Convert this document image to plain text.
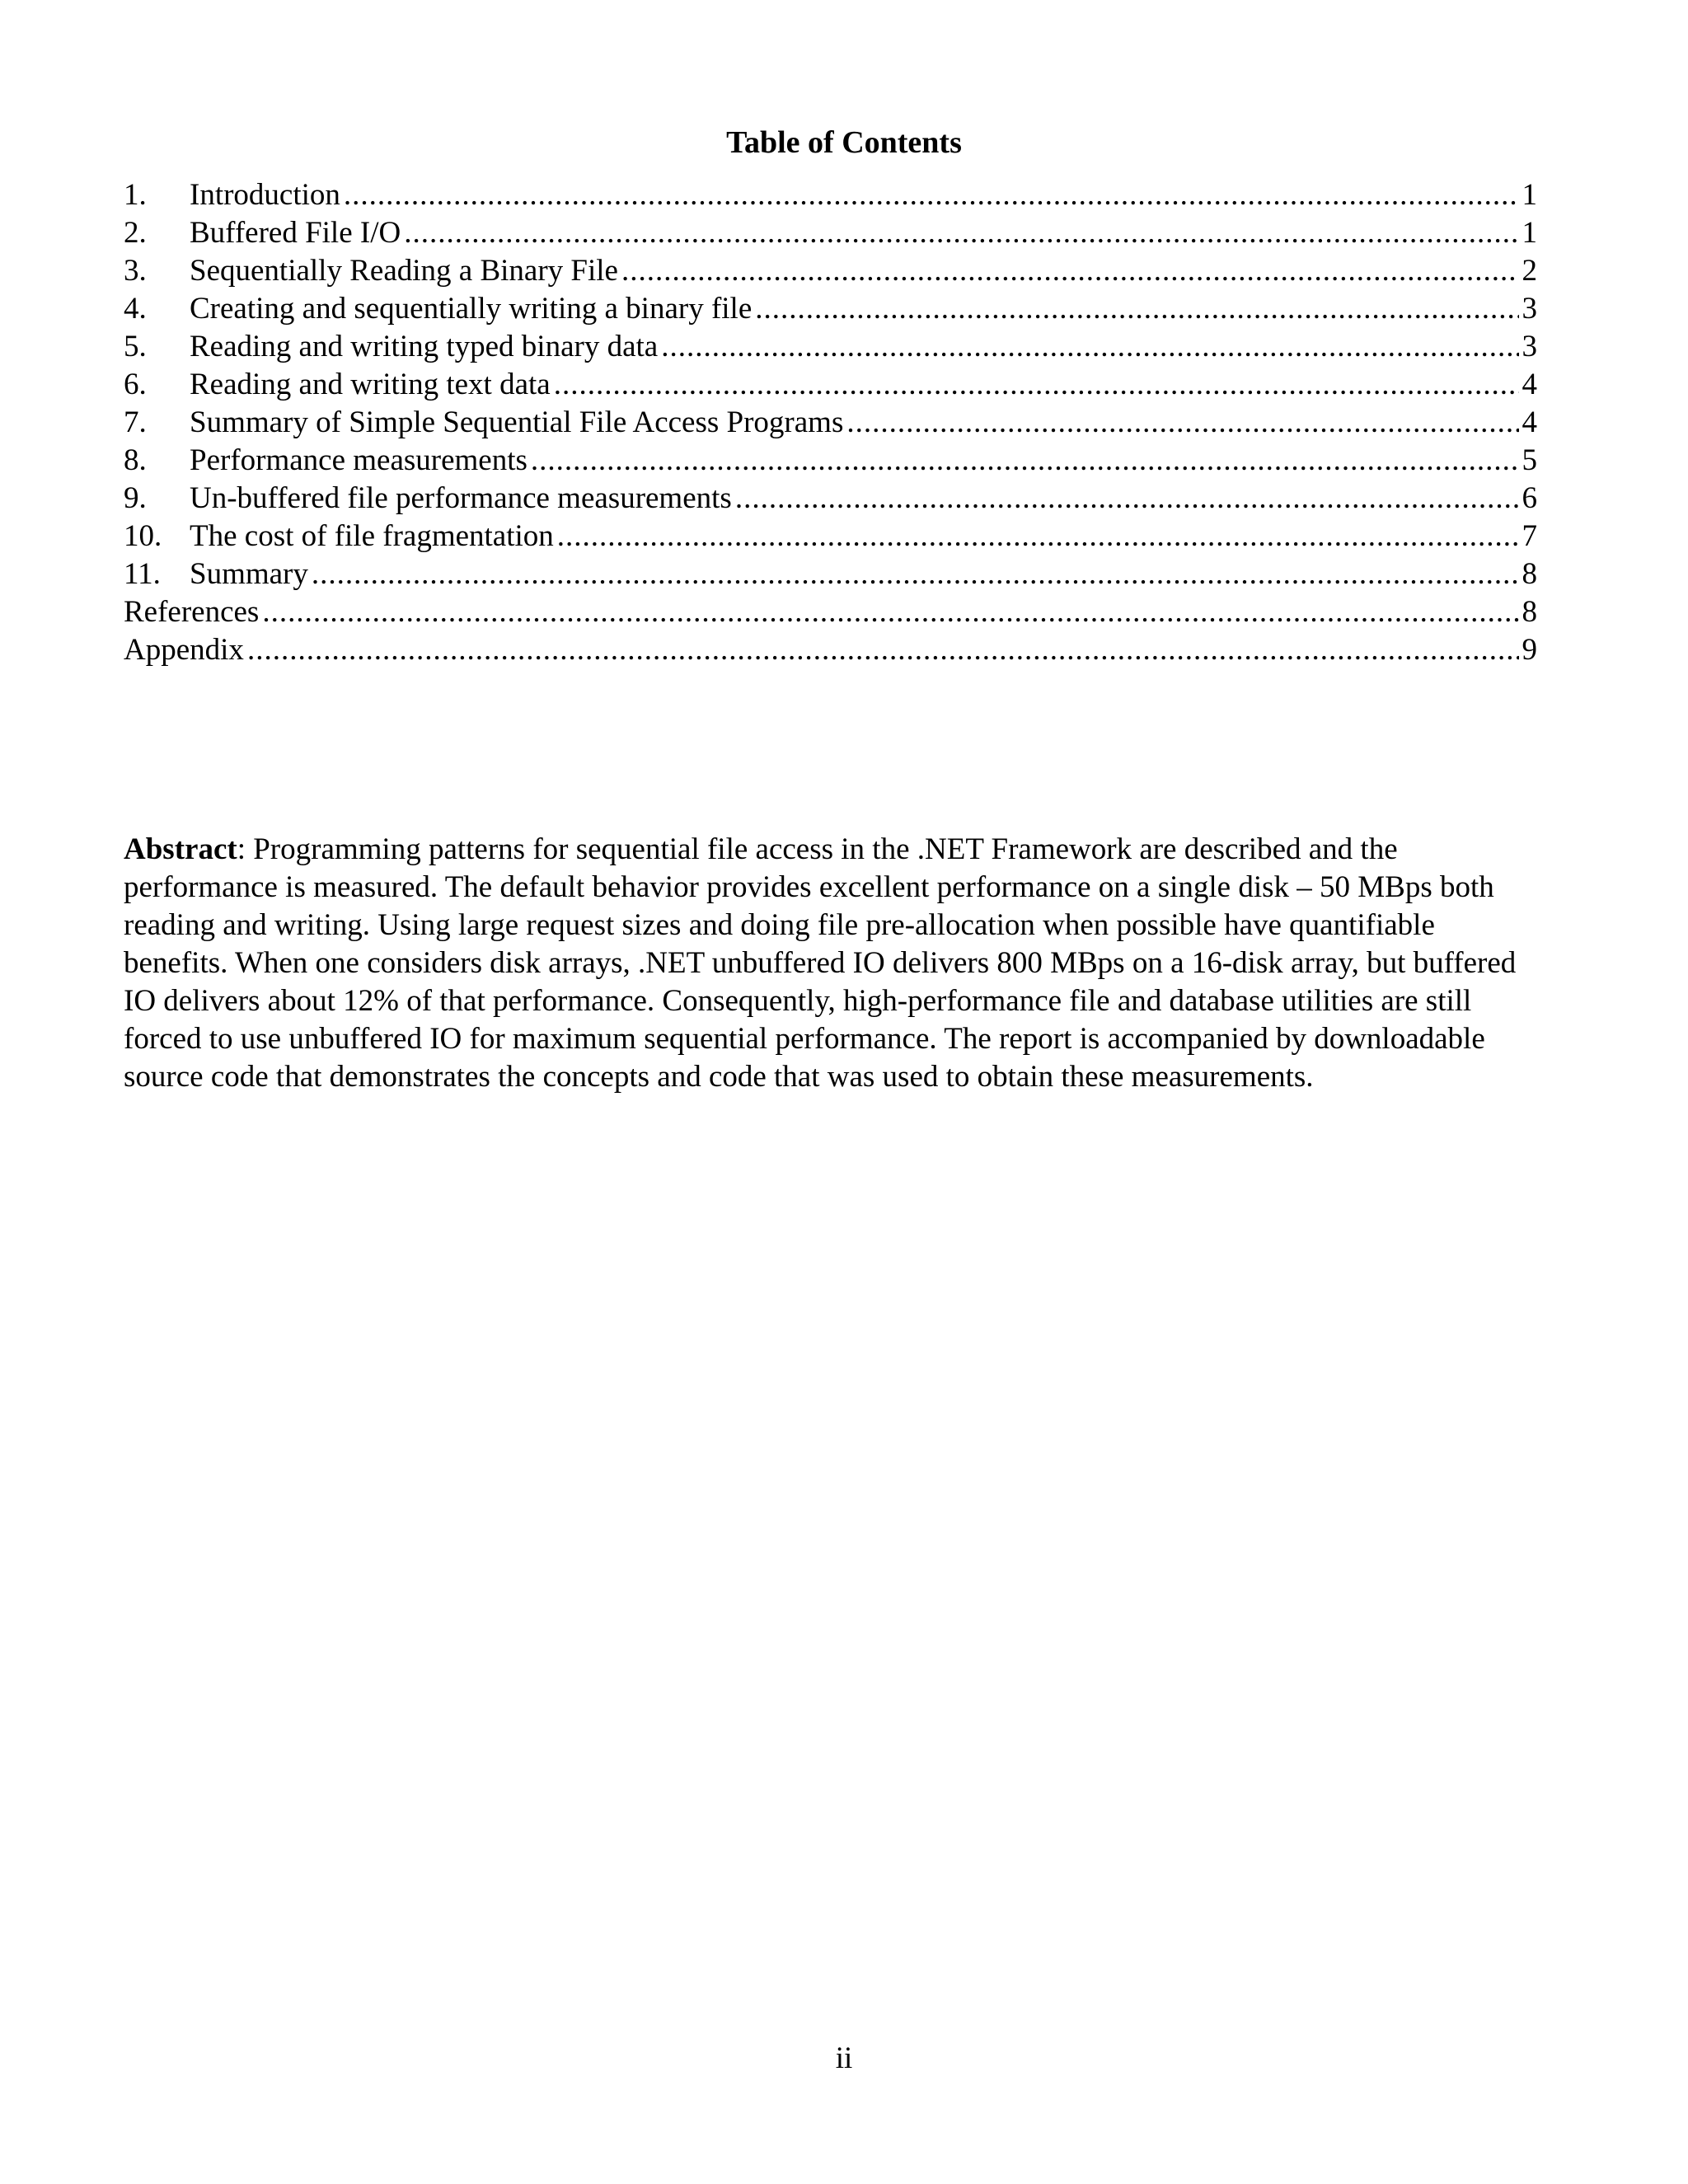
Table of Contents
1.	Introduction .....	1
2.	Buffered File I/O .....	1
3.	Sequentially Reading a Binary File .....	2
4.	Creating and sequentially writing a binary file .....	3
5.	Reading and writing typed binary data .....	3
6.	Reading and writing text data .....	4
7.	Summary of Simple Sequential File Access Programs .....	4
8.	Performance measurements .....	5
9.	Un-buffered file performance measurements .....	6
10. The cost of file fragmentation .....	7
11. Summary .....	8
References .....	8
Appendix .....	9

Abstract: Programming patterns for sequential file access in the .NET Framework are described and the performance is measured. The default behavior provides excellent performance on a single disk – 50 MBps both reading and writing. Using large request sizes and doing file pre-allocation when possible have quantifiable benefits. When one considers disk arrays, .NET unbuffered IO delivers 800 MBps on a 16-disk array, but buffered IO delivers about 12% of that performance. Consequently, high-performance file and database utilities are still forced to use unbuffered IO for maximum sequential performance. The report is accompanied by downloadable source code that demonstrates the concepts and code that was used to obtain these measurements.

ii
